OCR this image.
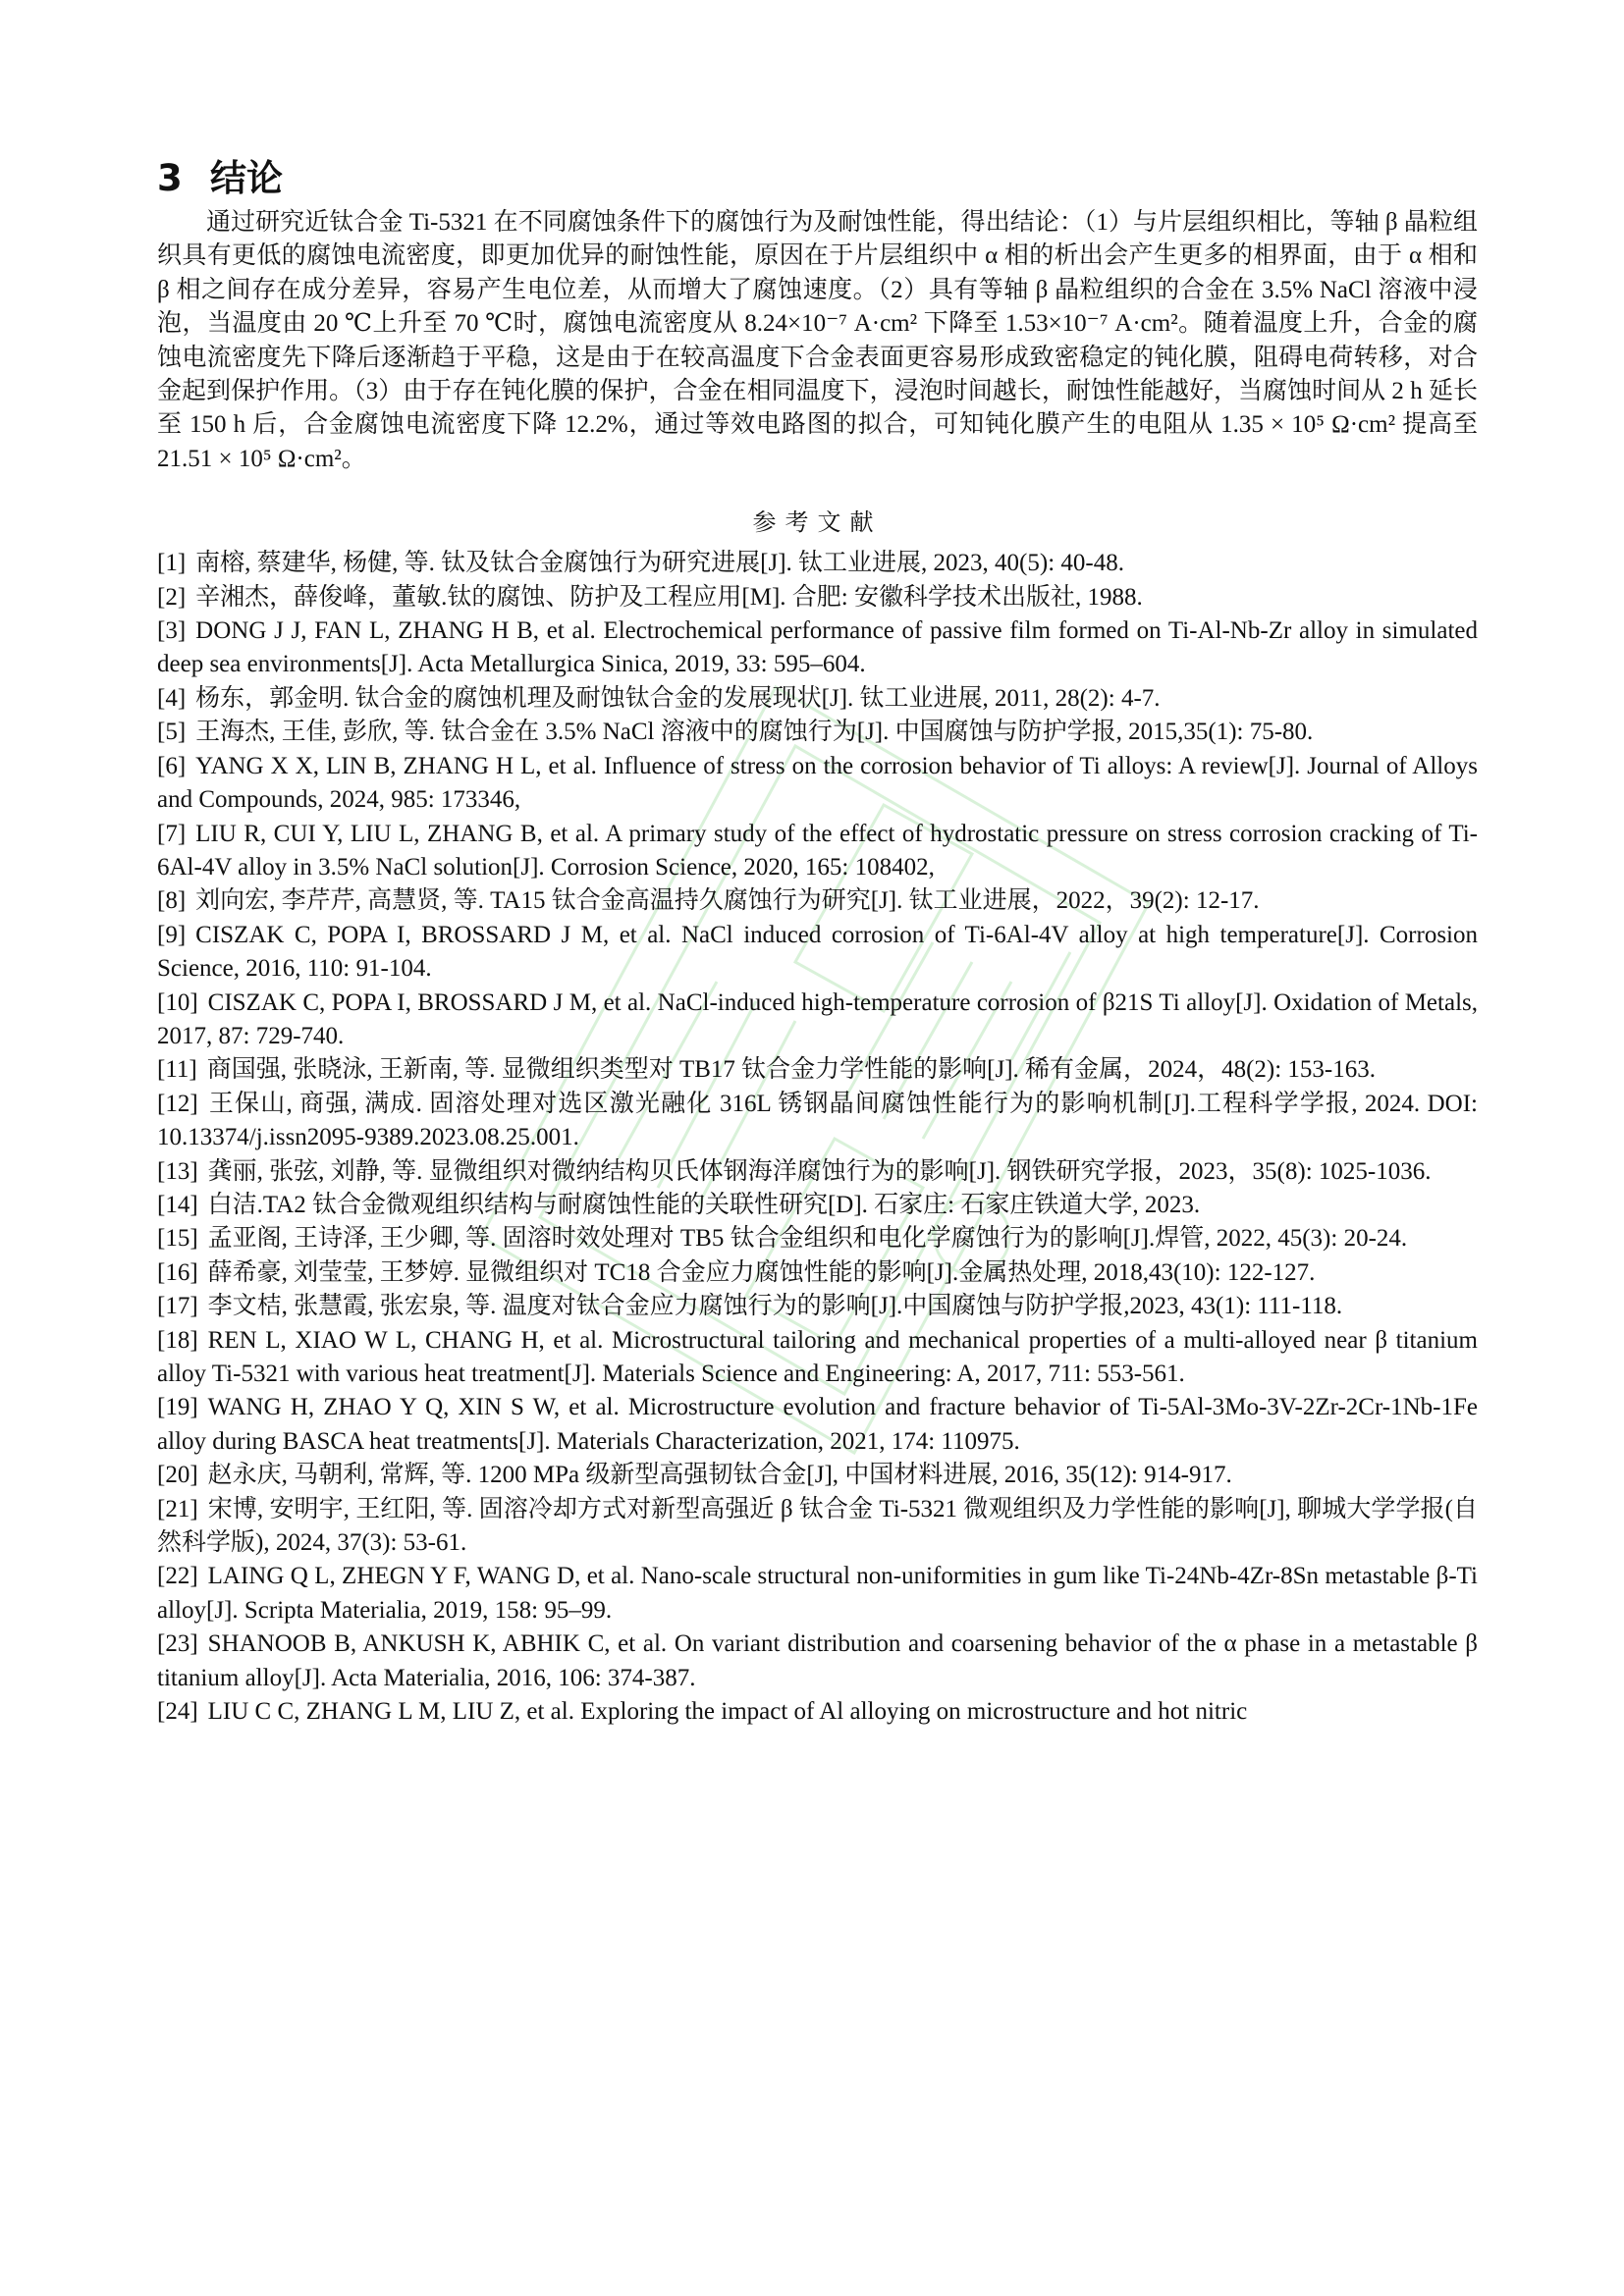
3 结论

通过研究近钛合金 Ti-5321 在不同腐蚀条件下的腐蚀行为及耐蚀性能，得出结论：（1）与片层组织相比，等轴 β 晶粒组织具有更低的腐蚀电流密度，即更加优异的耐蚀性能，原因在于片层组织中 α 相的析出会产生更多的相界面，由于 α 相和 β 相之间存在成分差异，容易产生电位差，从而增大了腐蚀速度。（2）具有等轴 β 晶粒组织的合金在 3.5% NaCl 溶液中浸泡，当温度由 20 ℃上升至 70 ℃时，腐蚀电流密度从 8.24×10⁻⁷ A·cm² 下降至 1.53×10⁻⁷ A·cm²。随着温度上升，合金的腐蚀电流密度先下降后逐渐趋于平稳，这是由于在较高温度下合金表面更容易形成致密稳定的钝化膜，阻碍电荷转移，对合金起到保护作用。（3）由于存在钝化膜的保护，合金在相同温度下，浸泡时间越长，耐蚀性能越好，当腐蚀时间从 2 h 延长至 150 h 后，合金腐蚀电流密度下降 12.2%，通过等效电路图的拟合，可知钝化膜产生的电阻从 1.35 × 10⁵ Ω·cm² 提高至 21.51 × 10⁵ Ω·cm²。

参考文献

[1] 南榕, 蔡建华, 杨健, 等. 钛及钛合金腐蚀行为研究进展[J]. 钛工业进展, 2023, 40(5): 40-48.

[2] 辛湘杰，薛俊峰，董敏.钛的腐蚀、防护及工程应用[M]. 合肥: 安徽科学技术出版社, 1988.

[3] DONG J J, FAN L, ZHANG H B, et al. Electrochemical performance of passive film formed on Ti-Al-Nb-Zr alloy in simulated deep sea environments[J]. Acta Metallurgica Sinica, 2019, 33: 595–604.

[4] 杨东，郭金明. 钛合金的腐蚀机理及耐蚀钛合金的发展现状[J]. 钛工业进展, 2011, 28(2): 4-7.

[5] 王海杰, 王佳, 彭欣, 等. 钛合金在 3.5% NaCl 溶液中的腐蚀行为[J]. 中国腐蚀与防护学报, 2015,35(1): 75-80.

[6] YANG X X, LIN B, ZHANG H L, et al. Influence of stress on the corrosion behavior of Ti alloys: A review[J]. Journal of Alloys and Compounds, 2024, 985: 173346,

[7] LIU R, CUI Y, LIU L, ZHANG B, et al. A primary study of the effect of hydrostatic pressure on stress corrosion cracking of Ti-6Al-4V alloy in 3.5% NaCl solution[J]. Corrosion Science, 2020, 165: 108402,

[8] 刘向宏, 李芹芹, 高慧贤, 等. TA15 钛合金高温持久腐蚀行为研究[J]. 钛工业进展，2022，39(2): 12-17.

[9] CISZAK C, POPA I, BROSSARD J M, et al. NaCl induced corrosion of Ti-6Al-4V alloy at high temperature[J]. Corrosion Science, 2016, 110: 91-104.

[10] CISZAK C, POPA I, BROSSARD J M, et al. NaCl-induced high-temperature corrosion of β21S Ti alloy[J]. Oxidation of Metals, 2017, 87: 729-740.

[11] 商国强, 张晓泳, 王新南, 等. 显微组织类型对 TB17 钛合金力学性能的影响[J]. 稀有金属，2024，48(2): 153-163.

[12] 王保山, 商强, 满成. 固溶处理对选区激光融化 316L 锈钢晶间腐蚀性能行为的影响机制[J].工程科学学报, 2024. DOI: 10.13374/j.issn2095-9389.2023.08.25.001.

[13] 龚丽, 张弦, 刘静, 等. 显微组织对微纳结构贝氏体钢海洋腐蚀行为的影响[J]. 钢铁研究学报，2023，35(8): 1025-1036.

[14] 白洁.TA2 钛合金微观组织结构与耐腐蚀性能的关联性研究[D]. 石家庄: 石家庄铁道大学, 2023.

[15] 孟亚阁, 王诗泽, 王少卿, 等. 固溶时效处理对 TB5 钛合金组织和电化学腐蚀行为的影响[J].焊管, 2022, 45(3): 20-24.

[16] 薛希豪, 刘莹莹, 王梦婷. 显微组织对 TC18 合金应力腐蚀性能的影响[J].金属热处理, 2018,43(10): 122-127.

[17] 李文桔, 张慧霞, 张宏泉, 等. 温度对钛合金应力腐蚀行为的影响[J].中国腐蚀与防护学报,2023, 43(1): 111-118.

[18] REN L, XIAO W L, CHANG H, et al. Microstructural tailoring and mechanical properties of a multi-alloyed near β titanium alloy Ti-5321 with various heat treatment[J]. Materials Science and Engineering: A, 2017, 711: 553-561.

[19] WANG H, ZHAO Y Q, XIN S W, et al. Microstructure evolution and fracture behavior of Ti-5Al-3Mo-3V-2Zr-2Cr-1Nb-1Fe alloy during BASCA heat treatments[J]. Materials Characterization, 2021, 174: 110975.

[20] 赵永庆, 马朝利, 常辉, 等. 1200 MPa 级新型高强韧钛合金[J], 中国材料进展, 2016, 35(12): 914-917.

[21] 宋博, 安明宇, 王红阳, 等. 固溶冷却方式对新型高强近 β 钛合金 Ti-5321 微观组织及力学性能的影响[J], 聊城大学学报(自然科学版), 2024, 37(3): 53-61.

[22] LAING Q L, ZHEGN Y F, WANG D, et al. Nano-scale structural non-uniformities in gum like Ti-24Nb-4Zr-8Sn metastable β-Ti alloy[J]. Scripta Materialia, 2019, 158: 95–99.

[23] SHANOOB B, ANKUSH K, ABHIK C, et al. On variant distribution and coarsening behavior of the α phase in a metastable β titanium alloy[J]. Acta Materialia, 2016, 106: 374-387.

[24] LIU C C, ZHANG L M, LIU Z, et al. Exploring the impact of Al alloying on microstructure and hot nitric
